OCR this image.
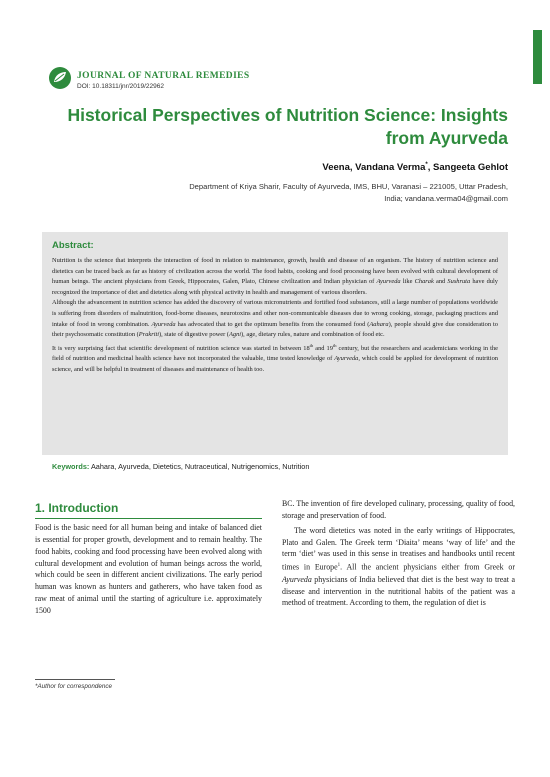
JOURNAL OF NATURAL REMEDIES
DOI: 10.18311/jnr/2019/22962
Historical Perspectives of Nutrition Science: Insights
from Ayurveda
Veena, Vandana Verma*, Sangeeta Gehlot
Department of Kriya Sharir, Faculty of Ayurveda, IMS, BHU, Varanasi – 221005, Uttar Pradesh,
India; vandana.verma04@gmail.com
Abstract:

Nutrition is the science that interprets the interaction of food in relation to maintenance, growth, health and disease of an organism. The history of nutrition science and dietetics can be traced back as far as history of civilization across the world. The food habits, cooking and food processing have been evolved with cultural development of human beings. The ancient physicians from Greek, Hippocrates, Galen, Plato, Chinese civilization and Indian physician of Ayurveda like Charak and Sushruta have duly recognized the importance of diet and dietetics along with physical activity in health and management of various disorders.

Although the advancement in nutrition science has added the discovery of various micronutrients and fortified food substances, still a large number of populations worldwide is suffering from disorders of malnutrition, food-borne diseases, neurotoxins and other non-communicable diseases due to wrong cooking, storage, packaging practices and intake of food in wrong combination. Ayurveda has advocated that to get the optimum benefits from the consumed food (Aahara), people should give due consideration to their psychosomatic constitution (Prakriti), state of digestive power (Agni), age, dietary rules, nature and combination of food etc.

It is very surprising fact that scientific development of nutrition science was started in between 18th and 19th century, but the researchers and academicians working in the field of nutrition and medicinal health science have not incorporated the valuable, time tested knowledge of Ayurveda, which could be applied for development of nutrition science, and will be helpful in treatment of diseases and maintenance of health too.

Keywords: Aahara, Ayurveda, Dietetics, Nutraceutical, Nutrigenomics, Nutrition
1. Introduction

Food is the basic need for all human being and intake of balanced diet is essential for proper growth, development and to remain healthy. The food habits, cooking and food processing have been evolved along with cultural development and evolution of human beings across the world, which could be seen in different ancient civilizations. The early period human was known as hunters and gatherers, who have taken food as raw meat of animal until the starting of agriculture i.e. approximately 1500

BC. The invention of fire developed culinary, processing, quality of food, storage and preservation of food.

The word dietetics was noted in the early writings of Hippocrates, Plato and Galen. The Greek term ‘Diaita’ means ‘way of life’ and the term ‘diet’ was used in this sense in treatises and handbooks until recent times in Europe$^1$. All the ancient physicians either from Greek or Ayurveda physicians of India believed that diet is the best way to treat a disease and intervention in the nutritional habits of the patient was a method of treatment. According to them, the regulation of diet is

*Author for correspondence
